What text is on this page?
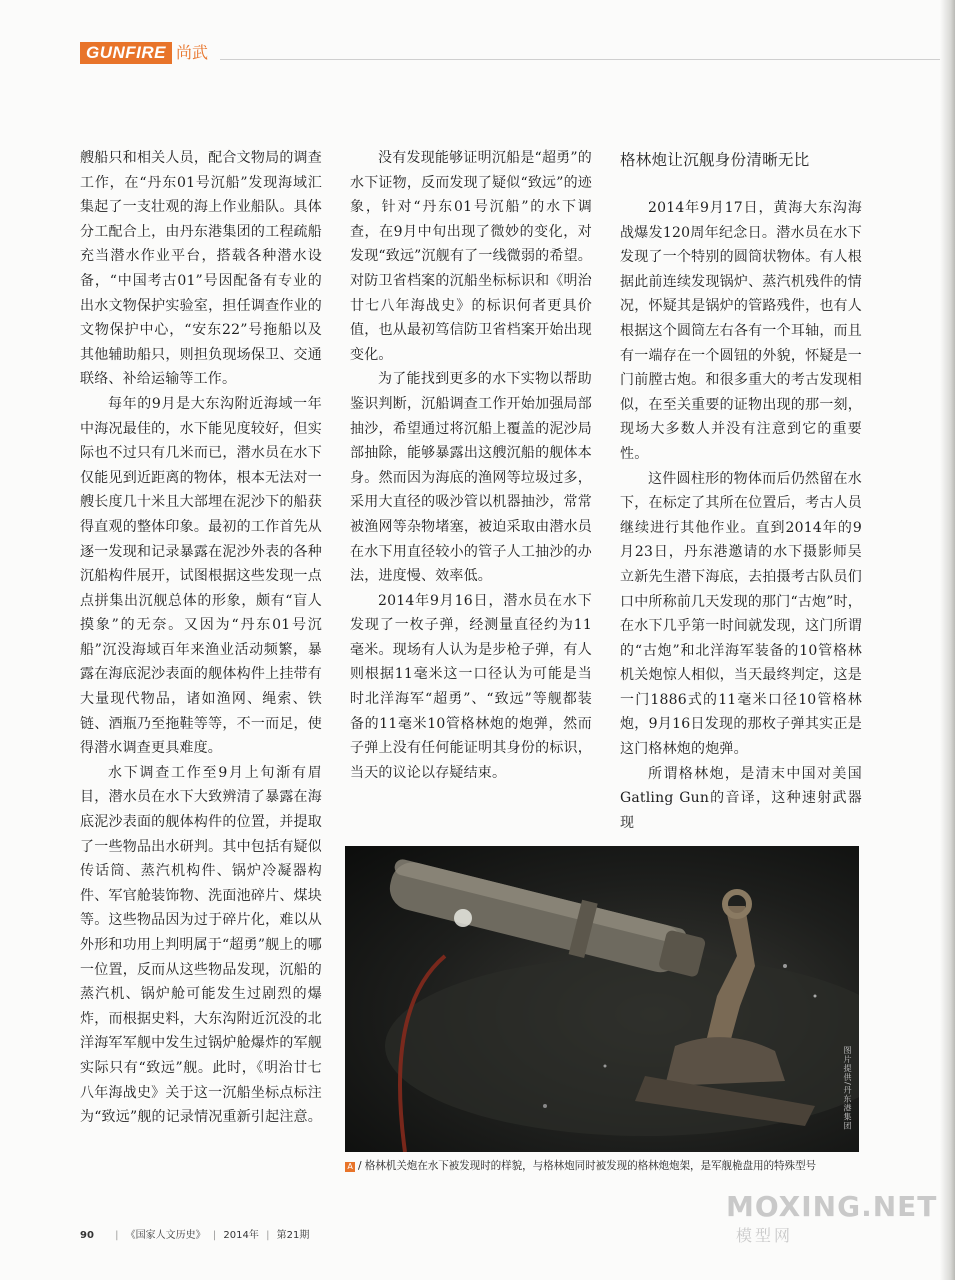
GUNFIRE 尚武

艘船只和相关人员，配合文物局的调查工作，在“丹东01号沉船”发现海域汇集起了一支壮观的海上作业船队。具体分工配合上，由丹东港集团的工程疏船充当潜水作业平台，搭载各种潜水设备，“中国考古01”号因配备有专业的出水文物保护实验室，担任调查作业的文物保护中心，“安东22”号拖船以及其他辅助船只，则担负现场保卫、交通联络、补给运输等工作。

每年的9月是大东沟附近海域一年中海况最佳的，水下能见度较好，但实际也不过只有几米而已，潜水员在水下仅能见到近距离的物体，根本无法对一艘长度几十米且大部埋在泥沙下的船获得直观的整体印象。最初的工作首先从逐一发现和记录暴露在泥沙外表的各种沉船构件展开，试图根据这些发现一点点拼集出沉舰总体的形象，颇有“盲人摸象”的无奈。又因为“丹东01号沉船”沉没海域百年来渔业活动频繁，暴露在海底泥沙表面的舰体构件上挂带有大量现代物品，诸如渔网、绳索、铁链、酒瓶乃至拖鞋等等，不一而足，使得潜水调查更具难度。

水下调查工作至9月上旬渐有眉目，潜水员在水下大致辨清了暴露在海底泥沙表面的舰体构件的位置，并提取了一些物品出水研判。其中包括有疑似传话筒、蒸汽机构件、锅炉冷凝器构件、军官舱装饰物、洗面池碎片、煤块等。这些物品因为过于碎片化，难以从外形和功用上判明属于“超勇”舰上的哪一位置，反而从这些物品发现，沉船的蒸汽机、锅炉舱可能发生过剧烈的爆炸，而根据史料，大东沟附近沉没的北洋海军军舰中发生过锅炉舱爆炸的军舰实际只有“致远”舰。此时，《明治廿七八年海战史》关于这一沉船坐标点标注为“致远”舰的记录情况重新引起注意。

没有发现能够证明沉船是“超勇”的水下证物，反而发现了疑似“致远”的迹象，针对“丹东01号沉船”的水下调查，在9月中旬出现了微妙的变化，对发现“致远”沉舰有了一线微弱的希望。对防卫省档案的沉船坐标标识和《明治廿七八年海战史》的标识何者更具价值，也从最初笃信防卫省档案开始出现变化。

为了能找到更多的水下实物以帮助鉴识判断，沉船调查工作开始加强局部抽沙，希望通过将沉船上覆盖的泥沙局部抽除，能够暴露出这艘沉船的舰体本身。然而因为海底的渔网等垃圾过多，采用大直径的吸沙管以机器抽沙，常常被渔网等杂物堵塞，被迫采取由潜水员在水下用直径较小的管子人工抽沙的办法，进度慢、效率低。

2014年9月16日，潜水员在水下发现了一枚子弹，经测量直径约为11毫米。现场有人认为是步枪子弹，有人则根据11毫米这一口径认为可能是当时北洋海军“超勇”、“致远”等舰都装备的11毫米10管格林炮的炮弹，然而子弹上没有任何能证明其身份的标识，当天的议论以存疑结束。

格林炮让沉舰身份清晰无比

2014年9月17日，黄海大东沟海战爆发120周年纪念日。潜水员在水下发现了一个特别的圆筒状物体。有人根据此前连续发现锅炉、蒸汽机残件的情况，怀疑其是锅炉的管路残件，也有人根据这个圆筒左右各有一个耳轴，而且有一端存在一个圆钮的外貌，怀疑是一门前膛古炮。和很多重大的考古发现相似，在至关重要的证物出现的那一刻，现场大多数人并没有注意到它的重要性。

这件圆柱形的物体而后仍然留在水下，在标定了其所在位置后，考古人员继续进行其他作业。直到2014年的9月23日，丹东港邀请的水下摄影师吴立新先生潜下海底，去拍摄考古队员们口中所称前几天发现的那门“古炮”时，在水下几乎第一时间就发现，这门所谓的“古炮”和北洋海军装备的10管格林机关炮惊人相似，当天最终判定，这是一门1886式的11毫米口径10管格林炮，9月16日发现的那枚子弹其实正是这门格林炮的炮弹。

所谓格林炮，是清末中国对美国Gatling Gun的音译，这种速射武器现

图片提供/丹东港集团
A / 格林机关炮在水下被发现时的样貌，与格林炮同时被发现的格林炮炮架，是军舰桅盘用的特殊型号
90 | 《国家人文历史》 | 2014年 | 第21期
MOXING.NET
模型网
